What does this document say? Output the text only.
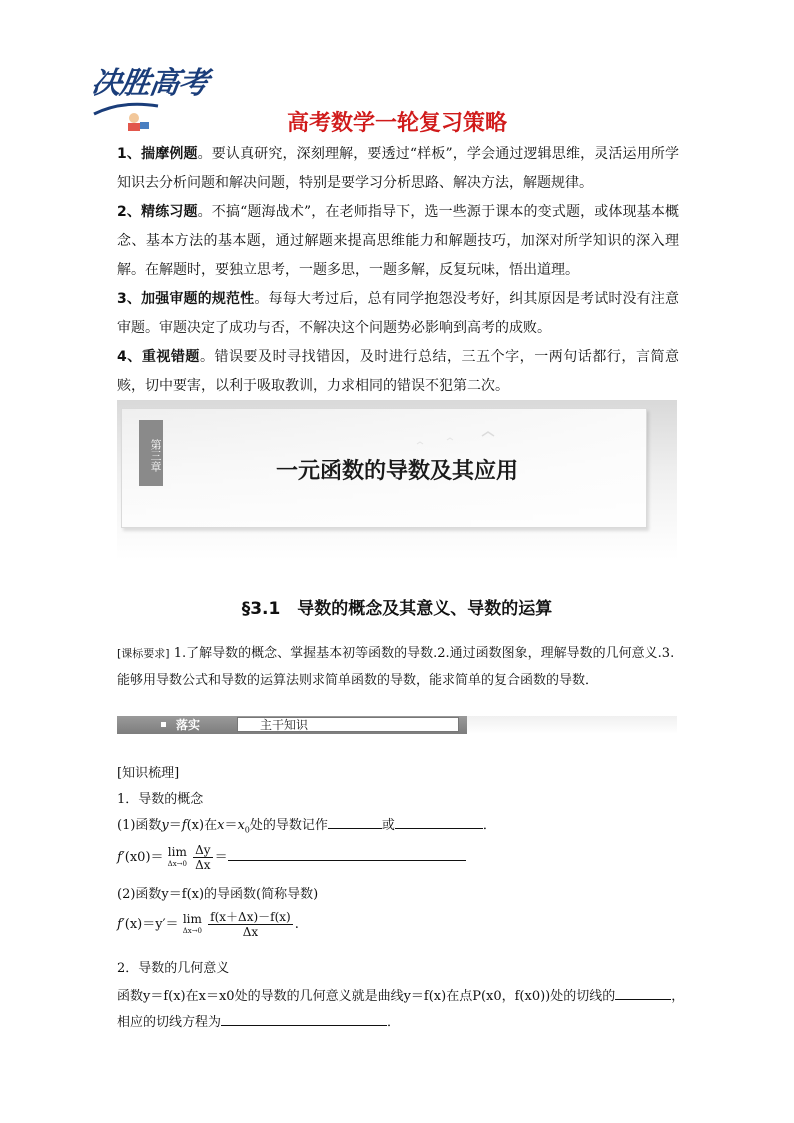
决胜高考
高考数学一轮复习策略
1、揣摩例题。要认真研究，深刻理解，要透过“样板”，学会通过逻辑思维，灵活运用所学知识去分析问题和解决问题，特别是要学习分析思路、解决方法，解题规律。
2、精练习题。不搞“题海战术”，在老师指导下，选一些源于课本的变式题，或体现基本概念、基本方法的基本题，通过解题来提高思维能力和解题技巧，加深对所学知识的深入理解。在解题时，要独立思考，一题多思，一题多解，反复玩味，悟出道理。
3、加强审题的规范性。每每大考过后，总有同学抱怨没考好，纠其原因是考试时没有注意审题。审题决定了成功与否，不解决这个问题势必影响到高考的成败。
4、重视错题。错误要及时寻找错因，及时进行总结，三五个字，一两句话都行，言简意赅，切中要害，以利于吸取教训，力求相同的错误不犯第二次。
第三章	一元函数的导数及其应用
§3.1　导数的概念及其意义、导数的运算
[课标要求] 1.了解导数的概念、掌握基本初等函数的导数.2.通过函数图象，理解导数的几何意义.3.能够用导数公式和导数的运算法则求简单函数的导数，能求简单的复合函数的导数．
落实	主干知识
[知识梳理]
1．导数的概念
(1)函数y＝f(x)在$x=x_0$处的导数记作	或	．
f′(x0)＝ lim
Δx→0
$\frac{\Delta y}{\Delta x}$ ＝
(2)函数y＝f(x)的导函数(简称导数)
f′(x)＝y′＝ lim
Δx→0
$\frac{f(x+\Delta x)-f(x)}{\Delta x}$ .
2．导数的几何意义
函数y＝f(x)在x＝x0处的导数的几何意义就是曲线y＝f(x)在点P(x0，f(x0))处的切线的	，
相应的切线方程为	．
